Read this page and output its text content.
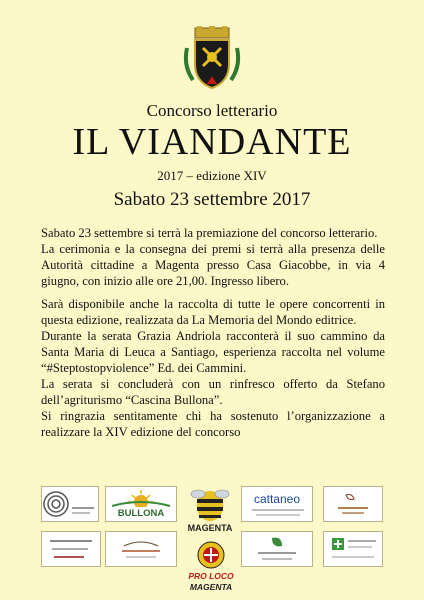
Concorso letterario
IL VIANDANTE
2017 – edizione XIV
Sabato 23 settembre 2017

Sabato 23 settembre si terrà la premiazione del concorso letterario.

La cerimonia e la consegna dei premi si terrà alla presenza delle Autorità cittadine a Magenta presso Casa Giacobbe, in via 4 giugno, con inizio alle ore 21,00. Ingresso libero.

Sarà disponibile anche la raccolta di tutte le opere concorrenti in questa edizione, realizzata da La Memoria del Mondo editrice.

Durante la serata Grazia Andriola racconterà il suo cammino da Santa Maria di Leuca a Santiago, esperienza raccolta nel volume “#Steptostopviolence” Ed. dei Cammini.

La serata si concluderà con un rinfresco offerto da Stefano dell’agriturismo “Cascina Bullona”.

Si ringrazia sentitamente chi ha sostenuto l’organizzazione a realizzare la XIV edizione del concorso

BULLONA
MAGENTA
cattaneo
PRO LOCO
MAGENTA
